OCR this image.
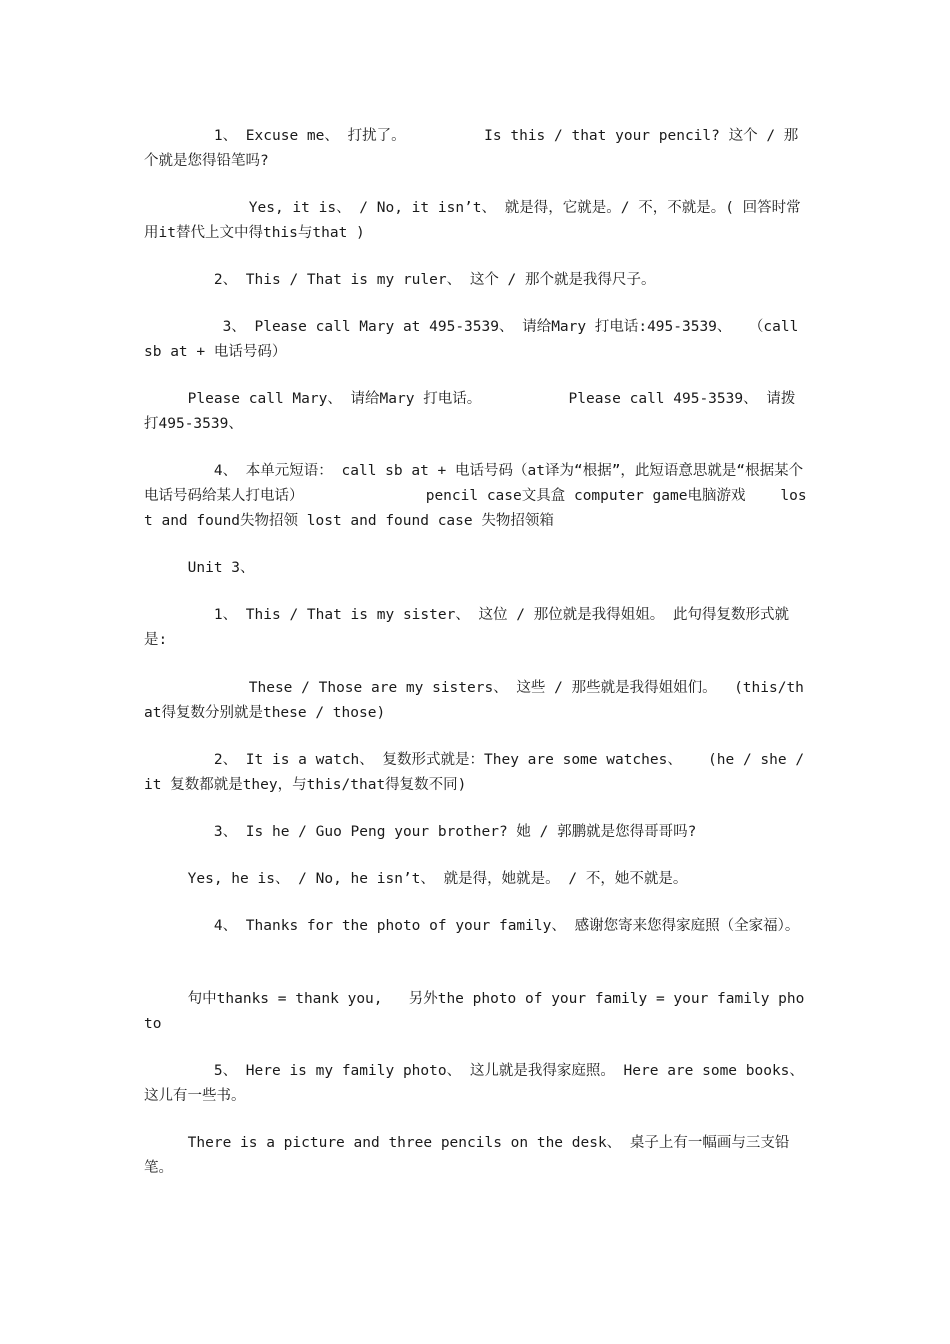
1、 Excuse me、 打扰了。         Is this / that your pencil? 这个 / 那个就是您得铅笔吗?

Yes, it is、 / No, it isn’t、 就是得，它就是。/ 不，不就是。( 回答时常用it替代上文中得this与that )

2、 This / That is my ruler、 这个 / 那个就是我得尺子。

3、 Please call Mary at 495-3539、 请给Mary 打电话:495-3539、  （call sb at + 电话号码）

Please call Mary、 请给Mary 打电话。          Please call 495-3539、 请拨打495-3539、

4、 本单元短语： call sb at + 电话号码（at译为“根据”，此短语意思就是“根据某个电话号码给某人打电话）              pencil case文具盒 computer game电脑游戏    lost and found失物招领 lost and found case 失物招领箱

Unit 3、

1、 This / That is my sister、 这位 / 那位就是我得姐姐。 此句得复数形式就是:

These / Those are my sisters、 这些 / 那些就是我得姐姐们。  (this/that得复数分别就是these / those)

2、 It is a watch、 复数形式就是：They are some watches、   (he / she / it 复数都就是they，与this/that得复数不同)

3、 Is he / Guo Peng your brother? 她 / 郭鹏就是您得哥哥吗?

Yes, he is、 / No, he isn’t、 就是得，她就是。 / 不，她不就是。

4、 Thanks for the photo of your family、 感谢您寄来您得家庭照（全家福）。

句中thanks = thank you,   另外the photo of your family = your family photo

5、 Here is my family photo、 这儿就是我得家庭照。 Here are some books、 这儿有一些书。

There is a picture and three pencils on the desk、 桌子上有一幅画与三支铅笔。
